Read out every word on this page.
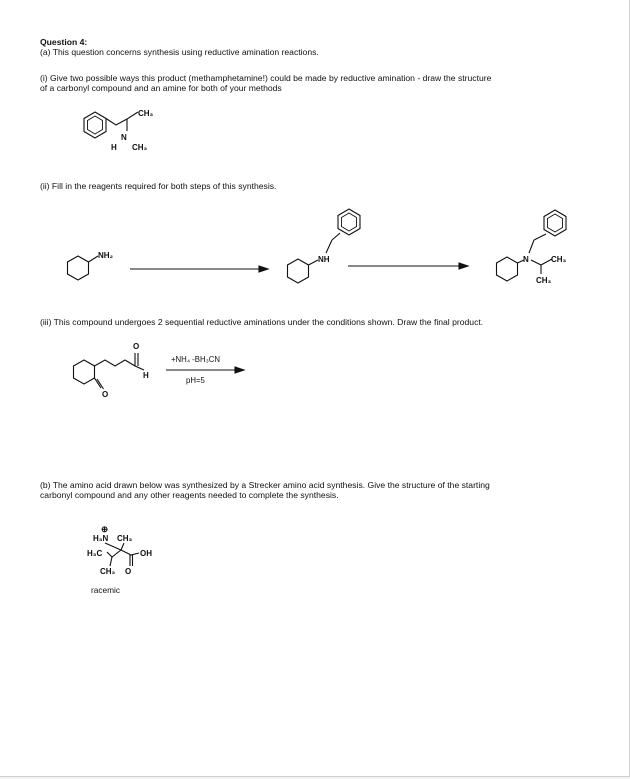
Question 4:
(a) This question concerns synthesis using reductive amination reactions.
(i) Give two possible ways this product (methamphetamine!) could be made by reductive amination - draw the structure
of a carbonyl compound and an amine for both of your methods
(ii) Fill in the reagents required for both steps of this synthesis.
(iii) This compound undergoes 2 sequential reductive aminations under the conditions shown. Draw the final product.
(b) The amino acid drawn below was synthesized by a Strecker amino acid synthesis. Give the structure of the starting
carbonyl compound and any other reagents needed to complete the synthesis.
CH₃
N
H CH₃
NH₂	NH	N	CH₃
CH₃
O
O
H
+NH₄ -BH₃CN
pH=5
⊕
H₃N CH₃
H₃C	OH
CH₃ O
racemic
